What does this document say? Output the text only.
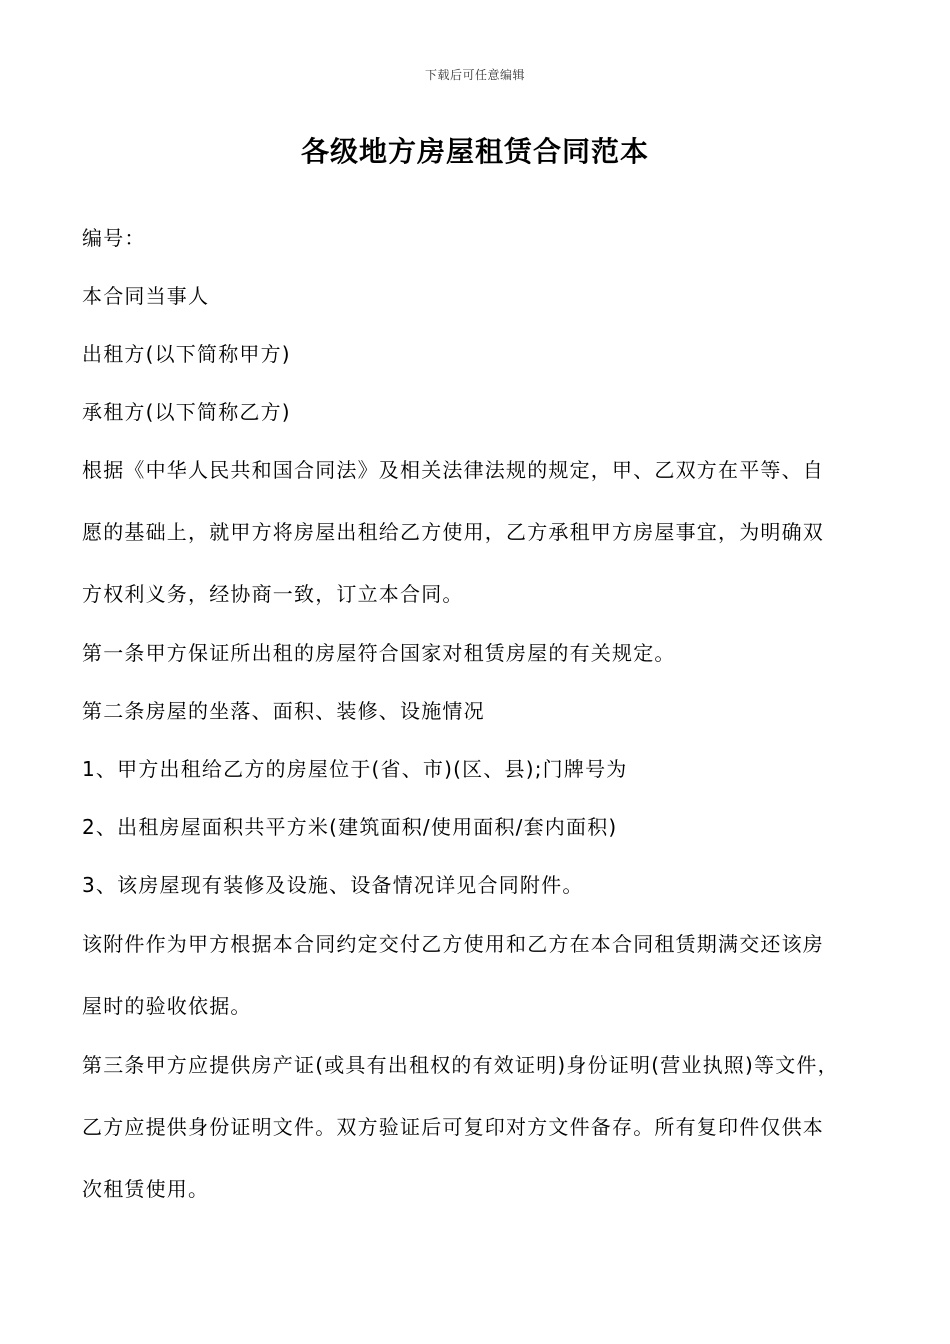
下载后可任意编辑
各级地方房屋租赁合同范本
编号：
本合同当事人
出租方(以下简称甲方)
承租方(以下简称乙方)
根据《中华人民共和国合同法》及相关法律法规的规定，甲、乙双方在平等、自
愿的基础上，就甲方将房屋出租给乙方使用，乙方承租甲方房屋事宜，为明确双
方权利义务，经协商一致，订立本合同。
第一条甲方保证所出租的房屋符合国家对租赁房屋的有关规定。
第二条房屋的坐落、面积、装修、设施情况
1、甲方出租给乙方的房屋位于(省、市)(区、县);门牌号为
2、出租房屋面积共平方米(建筑面积/使用面积/套内面积)
3、该房屋现有装修及设施、设备情况详见合同附件。
该附件作为甲方根据本合同约定交付乙方使用和乙方在本合同租赁期满交还该房
屋时的验收依据。
第三条甲方应提供房产证(或具有出租权的有效证明)身份证明(营业执照)等文件，
乙方应提供身份证明文件。双方验证后可复印对方文件备存。所有复印件仅供本
次租赁使用。
